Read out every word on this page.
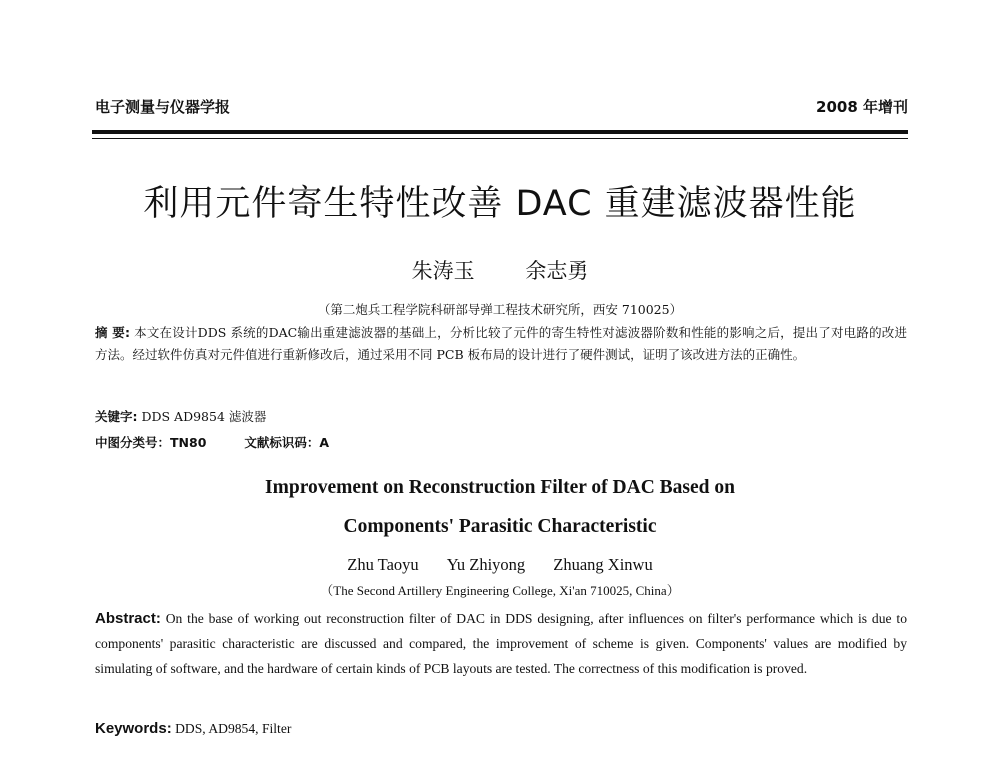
电子测量与仪器学报	2008 年增刊
利用元件寄生特性改善 DAC 重建滤波器性能
朱涛玉 余志勇
（第二炮兵工程学院科研部导弹工程技术研究所，西安 710025）
摘 要: 本文在设计DDS 系统的DAC输出重建滤波器的基础上，分析比较了元件的寄生特性对滤波器阶数和性能的影响之后，提出了对电路的改进方法。经过软件仿真对元件值进行重新修改后，通过采用不同 PCB 板布局的设计进行了硬件测试，证明了该改进方法的正确性。
关键字: DDS AD9854 滤波器
中图分类号：TN80	文献标识码：A
Improvement on Reconstruction Filter of DAC Based on
Components' Parasitic Characteristic
Zhu Taoyu Yu Zhiyong Zhuang Xinwu
（The Second Artillery Engineering College, Xi'an 710025, China）
Abstract: On the base of working out reconstruction filter of DAC in DDS designing, after influences on filter's performance which is due to components' parasitic characteristic are discussed and compared, the improvement of scheme is given. Components' values are modified by simulating of software, and the hardware of certain kinds of PCB layouts are tested. The correctness of this modification is proved.
Keywords: DDS, AD9854, Filter
